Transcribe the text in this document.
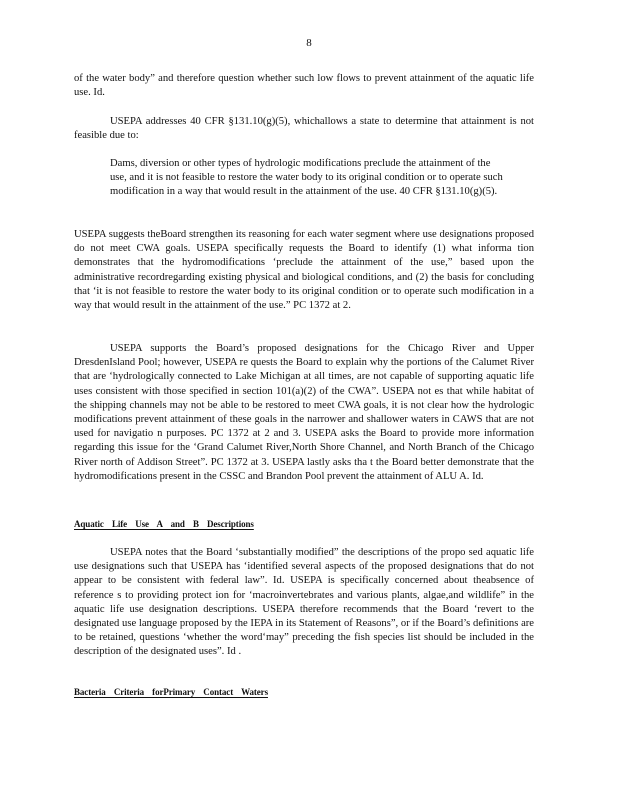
8

of the water body” and therefore question whether such low flows to prevent attainment of the aquatic life use. Id.

USEPA addresses 40 CFR §131.10(g)(5), whichallows a state to determine that attainment is not feasible due to:

Dams, diversion or other types of hydrologic modifications preclude the attainment of the use, and it is not feasible to restore the water body to its original condition or to operate such modification in a way that would result in the attainment of the use. 40 CFR §131.10(g)(5).

USEPA suggests theBoard strengthen its reasoning for each water segment where use designations proposed do not meet CWA goals. USEPA specifically requests the Board to identify (1) what informa tion demonstrates that the hydromodifications ‘preclude the attainment of the use,” based upon the administrative recordregarding existing physical and biological conditions, and (2) the basis for concluding that ‘it is not feasible to restore the water body to its original condition or to operate such modification in a way that would result in the attainment of the use.” PC 1372 at 2.

USEPA supports the Board’s proposed designations for the Chicago River and Upper DresdenIsland Pool; however, USEPA re quests the Board to explain why the portions of the Calumet River that are ‘hydrologically connected to Lake Michigan at all times, are not capable of supporting aquatic life uses consistent with those specified in section 101(a)(2) of the CWA”. USEPA not es that while habitat of the shipping channels may not be able to be restored to meet CWA goals, it is not clear how the hydrologic modifications prevent attainment of these goals in the narrower and shallower waters in CAWS that are not used for navigatio n purposes. PC 1372 at 2 and 3. USEPA asks the Board to provide more information regarding this issue for the ‘Grand Calumet River,North Shore Channel, and North Branch of the Chicago River north of Addison Street”. PC 1372 at 3. USEPA lastly asks tha t the Board better demonstrate that the hydromodifications present in the CSSC and Brandon Pool prevent the attainment of ALU A. Id.

Aquatic Life Use A and B Descriptions

USEPA notes that the Board ‘substantially modified” the descriptions of the propo sed aquatic life use designations such that USEPA has ‘identified several aspects of the proposed designations that do not appear to be consistent with federal law”. Id. USEPA is specifically concerned about theabsence of reference s to providing protect ion for ‘macroinvertebrates and various plants, algae,and wildlife” in the aquatic life use designation descriptions. USEPA therefore recommends that the Board ‘revert to the designated use language proposed by the IEPA in its Statement of Reasons”, or if the Board’s definitions are to be retained, questions ‘whether the word‘may” preceding the fish species list should be included in the description of the designated uses”. Id .

Bacteria Criteria forPrimary Contact Waters
